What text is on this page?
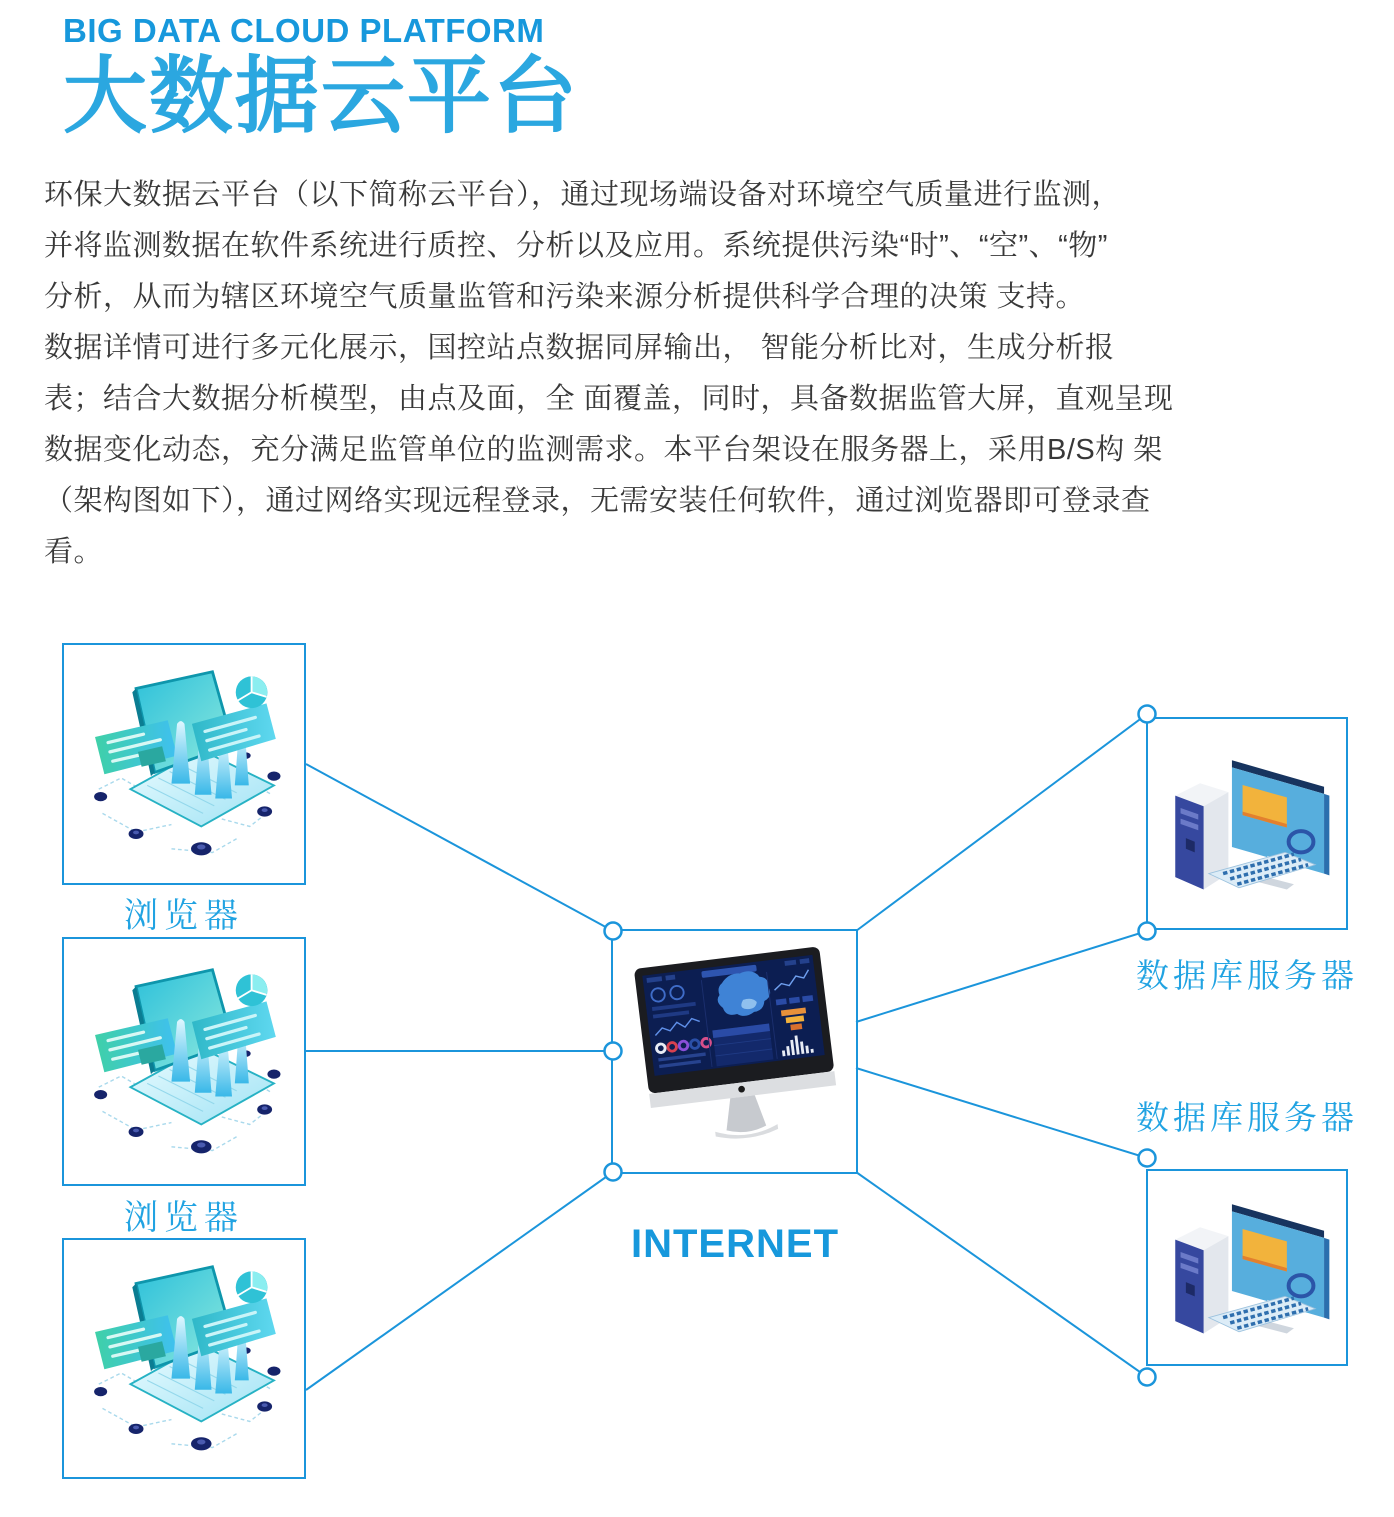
BIG DATA CLOUD PLATFORM

大数据云平台

环保大数据云平台（以下简称云平台），通过现场端设备对环境空气质量进行监测，
并将监测数据在软件系统进行质控、分析以及应用。系统提供污染“时”、“空”、“物”
分析，从而为辖区环境空气质量监管和污染来源分析提供科学合理的决策 支持。

数据详情可进行多元化展示，国控站点数据同屏输出， 智能分析比对，生成分析报
表；结合大数据分析模型，由点及面，全 面覆盖，同时，具备数据监管大屏，直观呈现
数据变化动态，充分满足监管单位的监测需求。本平台架设在服务器上，采用B/S构 架
（架构图如下），通过网络实现远程登录，无需安装任何软件，通过浏览器即可登录查
看。

浏览器
浏览器
INTERNET
数据库服务器
数据库服务器
